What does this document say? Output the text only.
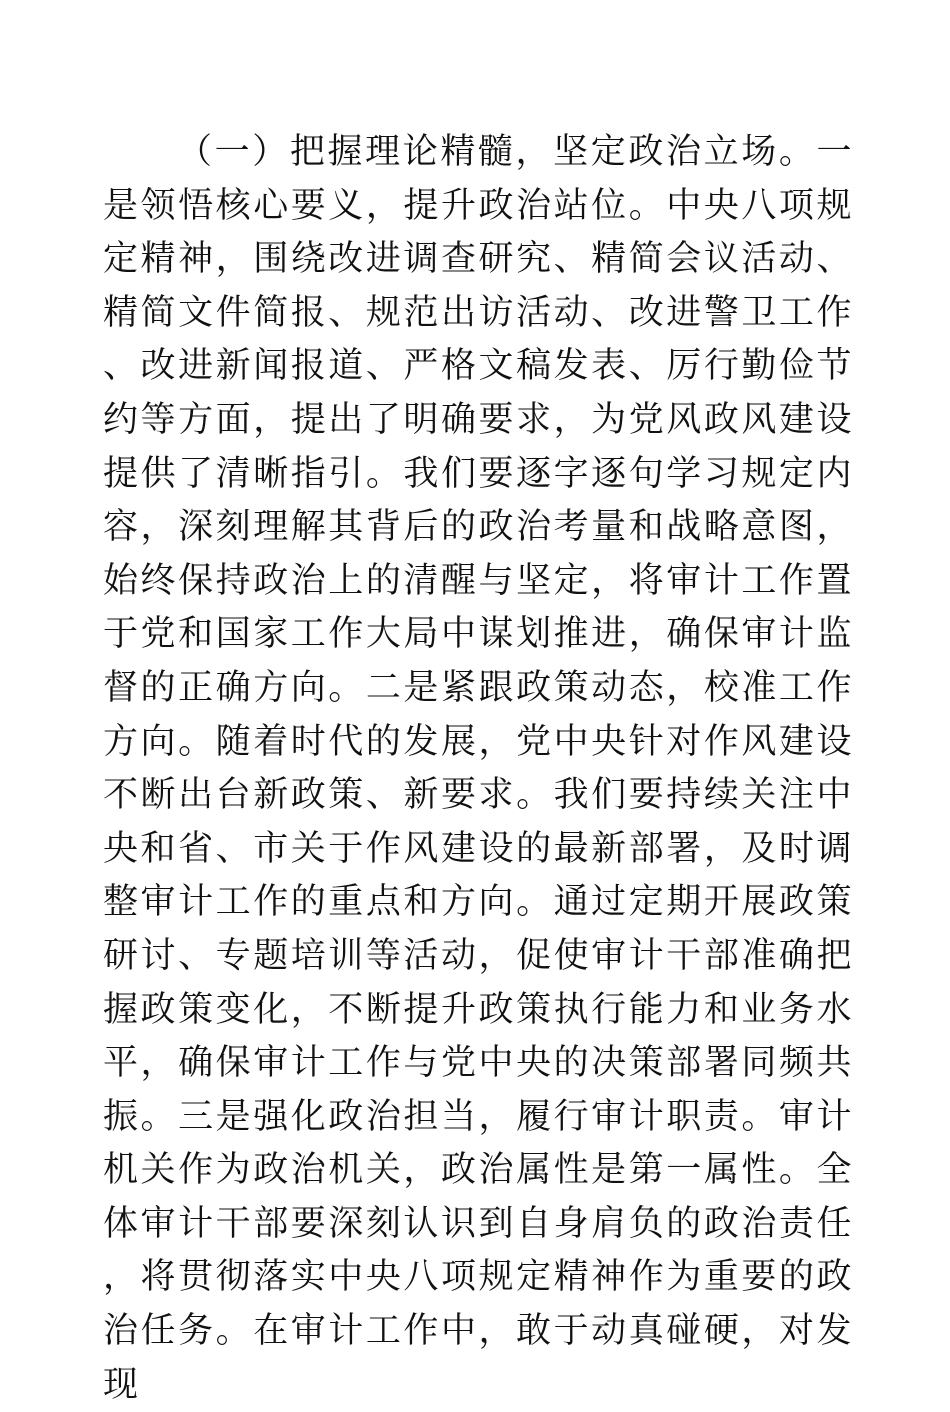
（一）把握理论精髓，坚定政治立场。一是领悟核心要义，提升政治站位。中央八项规定精神，围绕改进调查研究、精简会议活动、精简文件简报、规范出访活动、改进警卫工作、改进新闻报道、严格文稿发表、厉行勤俭节约等方面，提出了明确要求，为党风政风建设提供了清晰指引。我们要逐字逐句学习规定内容，深刻理解其背后的政治考量和战略意图，始终保持政治上的清醒与坚定，将审计工作置于党和国家工作大局中谋划推进，确保审计监督的正确方向。二是紧跟政策动态，校准工作方向。随着时代的发展，党中央针对作风建设不断出台新政策、新要求。我们要持续关注中央和省、市关于作风建设的最新部署，及时调整审计工作的重点和方向。通过定期开展政策研讨、专题培训等活动，促使审计干部准确把握政策变化，不断提升政策执行能力和业务水平，确保审计工作与党中央的决策部署同频共振。三是强化政治担当，履行审计职责。审计机关作为政治机关，政治属性是第一属性。全体审计干部要深刻认识到自身肩负的政治责任，将贯彻落实中央八项规定精神作为重要的政治任务。在审计工作中，敢于动真碰硬，对发现
